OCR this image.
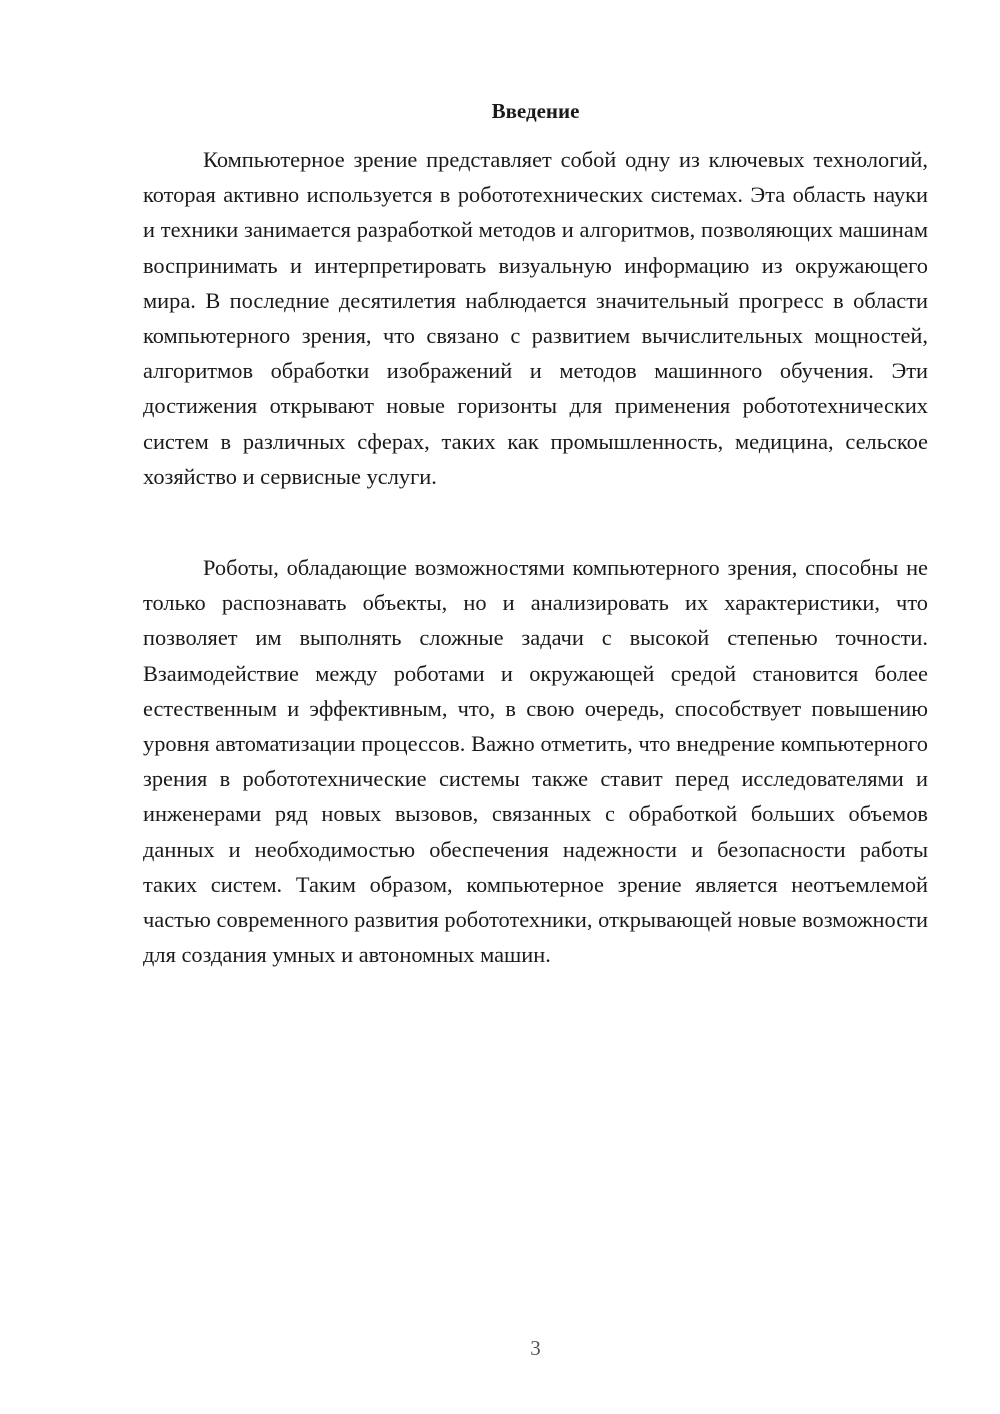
Введение

Компьютерное зрение представляет собой одну из ключевых технологий, которая активно используется в робототехнических системах. Эта область науки и техники занимается разработкой методов и алгоритмов, позволяющих машинам воспринимать и интерпретировать визуальную информацию из окружающего мира. В последние десятилетия наблюдается значительный прогресс в области компьютерного зрения, что связано с развитием вычислительных мощностей, алгоритмов обработки изображений и методов машинного обучения. Эти достижения открывают новые горизонты для применения робототехнических систем в различных сферах, таких как промышленность, медицина, сельское хозяйство и сервисные услуги.

Роботы, обладающие возможностями компьютерного зрения, способны не только распознавать объекты, но и анализировать их характеристики, что позволяет им выполнять сложные задачи с высокой степенью точности. Взаимодействие между роботами и окружающей средой становится более естественным и эффективным, что, в свою очередь, способствует повышению уровня автоматизации процессов. Важно отметить, что внедрение компьютерного зрения в робототехнические системы также ставит перед исследователями и инженерами ряд новых вызовов, связанных с обработкой больших объемов данных и необходимостью обеспечения надежности и безопасности работы таких систем. Таким образом, компьютерное зрение является неотъемлемой частью современного развития робототехники, открывающей новые возможности для создания умных и автономных машин.

3
